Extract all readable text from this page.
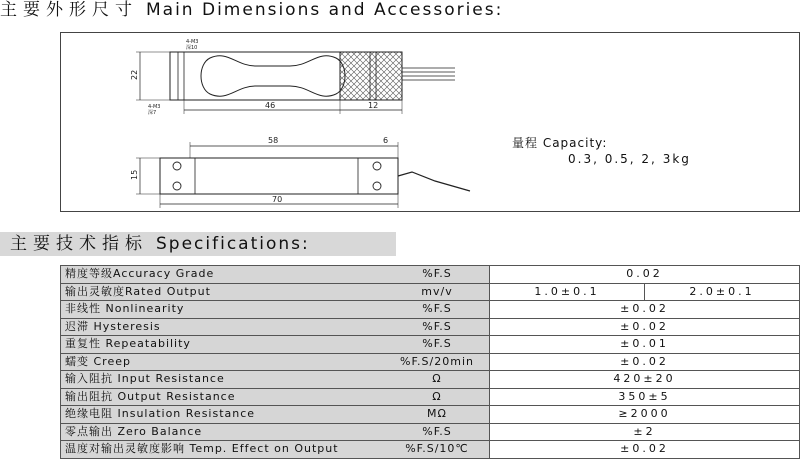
主要外形尺寸 Main Dimensions and Accessories:
22
46	12
4-M3
深10
4-M3
深7
58	6
70
15
量程 Capacity:
0.3, 0.5, 2, 3kg
主要技术指标 Specifications:
精度等级Accuracy Grade	%F.S	0.02	
输出灵敏度Rated Output	mv/v	1.0±0.1	2.0±0.1
非线性 Nonlinearity	%F.S	±0.02	
迟滞 Hysteresis	%F.S	±0.02	
重复性 Repeatability	%F.S	±0.01	
蠕变 Creep	%F.S/20min	±0.02	
输入阻抗 Input Resistance	Ω	420±20	
输出阻抗 Output Resistance	Ω	350±5	
绝缘电阻 Insulation Resistance	MΩ	≥2000	
零点输出 Zero Balance	%F.S	±2	
温度对输出灵敏度影响 Temp. Effect on Output	%F.S/10℃	±0.02	
